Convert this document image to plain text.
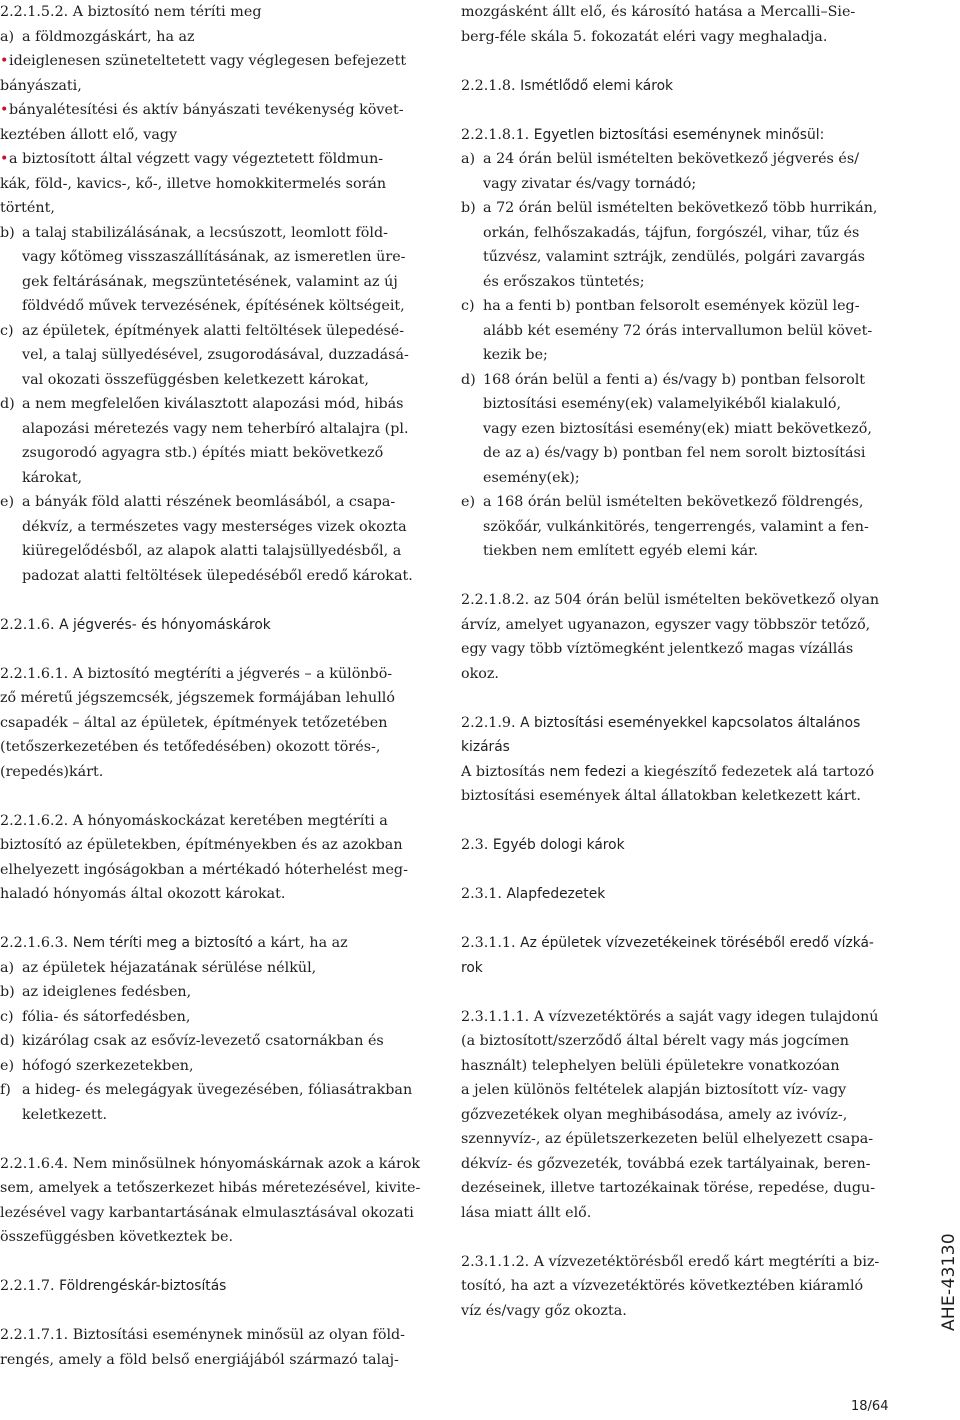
2.2.1.5.2. A biztosító nem téríti meg
a) a földmozgáskárt, ha az
•ideiglenesen szüneteltetett vagy véglegesen befejezett
bányászati,
•bányalétesítési és aktív bányászati tevékenység követ-
keztében állott elő, vagy
•a biztosított által végzett vagy végeztetett földmun-
kák, föld-, kavics-, kő-, illetve homokkitermelés során
történt,
b) a talaj stabilizálásának, a lecsúszott, leomlott föld-
vagy kőtömeg visszaszállításának, az ismeretlen üre-
gek feltárásának, megszüntetésének, valamint az új
földvédő művek tervezésének, építésének költségeit,
c) az épületek, építmények alatti feltöltések ülepedésé-
vel, a talaj süllyedésével, zsugorodásával, duzzadásá-
val okozati összefüggésben keletkezett károkat,
d) a nem megfelelően kiválasztott alapozási mód, hibás
alapozási méretezés vagy nem teherbíró altalajra (pl.
zsugorodó agyagra stb.) építés miatt bekövetkező
károkat,
e) a bányák föld alatti részének beomlásából, a csapa-
dékvíz, a természetes vagy mesterséges vizek okozta
kiüregelődésből, az alapok alatti talajsüllyedésből, a
padozat alatti feltöltések ülepedéséből eredő károkat.
2.2.1.6. A jégverés- és hónyomáskárok
2.2.1.6.1. A biztosító megtéríti a jégverés – a különbö-
ző méretű jégszemcsék, jégszemek formájában lehulló
csapadék – által az épületek, építmények tetőzetében
(tetőszerkezetében és tetőfedésében) okozott törés-,
(repedés)kárt.
2.2.1.6.2. A hónyomáskockázat keretében megtéríti a
biztosító az épületekben, építményekben és az azokban
elhelyezett ingóságokban a mértékadó hóterhelést meg-
haladó hónyomás által okozott károkat.
2.2.1.6.3. Nem téríti meg a biztosító a kárt, ha az
a) az épületek héjazatának sérülése nélkül,
b) az ideiglenes fedésben,
c) fólia- és sátorfedésben,
d) kizárólag csak az esővíz-levezető csatornákban és
e) hófogó szerkezetekben,
f) a hideg- és melegágyak üvegezésében, fóliasátrakban
keletkezett.
2.2.1.6.4. Nem minősülnek hónyomáskárnak azok a károk
sem, amelyek a tetőszerkezet hibás méretezésével, kivite-
lezésével vagy karbantartásának elmulasztásával okozati
összefüggésben következtek be.
2.2.1.7. Földrengéskár-biztosítás
2.2.1.7.1. Biztosítási eseménynek minősül az olyan föld-
rengés, amely a föld belső energiájából származó talaj-
mozgásként állt elő, és károsító hatása a Mercalli–Sie-
berg-féle skála 5. fokozatát eléri vagy meghaladja.
2.2.1.8. Ismétlődő elemi károk
2.2.1.8.1. Egyetlen biztosítási eseménynek minősül:
a) a 24 órán belül ismételten bekövetkező jégverés és/
vagy zivatar és/vagy tornádó;
b) a 72 órán belül ismételten bekövetkező több hurrikán,
orkán, felhőszakadás, tájfun, forgószél, vihar, tűz és
tűzvész, valamint sztrájk, zendülés, polgári zavargás
és erőszakos tüntetés;
c) ha a fenti b) pontban felsorolt események közül leg-
alább két esemény 72 órás intervallumon belül követ-
kezik be;
d) 168 órán belül a fenti a) és/vagy b) pontban felsorolt
biztosítási esemény(ek) valamelyikéből kialakuló,
vagy ezen biztosítási esemény(ek) miatt bekövetkező,
de az a) és/vagy b) pontban fel nem sorolt biztosítási
esemény(ek);
e) a 168 órán belül ismételten bekövetkező földrengés,
szökőár, vulkánkitörés, tengerrengés, valamint a fen-
tiekben nem említett egyéb elemi kár.
2.2.1.8.2. az 504 órán belül ismételten bekövetkező olyan
árvíz, amelyet ugyanazon, egyszer vagy többször tetőző,
egy vagy több víztömegként jelentkező magas vízállás
okoz.
2.2.1.9. A biztosítási eseményekkel kapcsolatos általános
kizárás
A biztosítás nem fedezi a kiegészítő fedezetek alá tartozó
biztosítási események által állatokban keletkezett kárt.
2.3. Egyéb dologi károk
2.3.1. Alapfedezetek
2.3.1.1. Az épületek vízvezetékeinek töréséből eredő vízká-
rok
2.3.1.1.1. A vízvezetéktörés a saját vagy idegen tulajdonú
(a biztosított/szerződő által bérelt vagy más jogcímen
használt) telephelyen belüli épületekre vonatkozóan
a jelen különös feltételek alapján biztosított víz- vagy
gőzvezetékek olyan meghibásodása, amely az ivóvíz-,
szennyvíz-, az épületszerkezeten belül elhelyezett csapa-
dékvíz- és gőzvezeték, továbbá ezek tartályainak, beren-
dezéseinek, illetve tartozékainak törése, repedése, dugu-
lása miatt állt elő.
2.3.1.1.2. A vízvezetéktörésből eredő kárt megtéríti a biz-
tosító, ha azt a vízvezetéktörés következtében kiáramló
víz és/vagy gőz okozta.	AHE-43130
18/64
